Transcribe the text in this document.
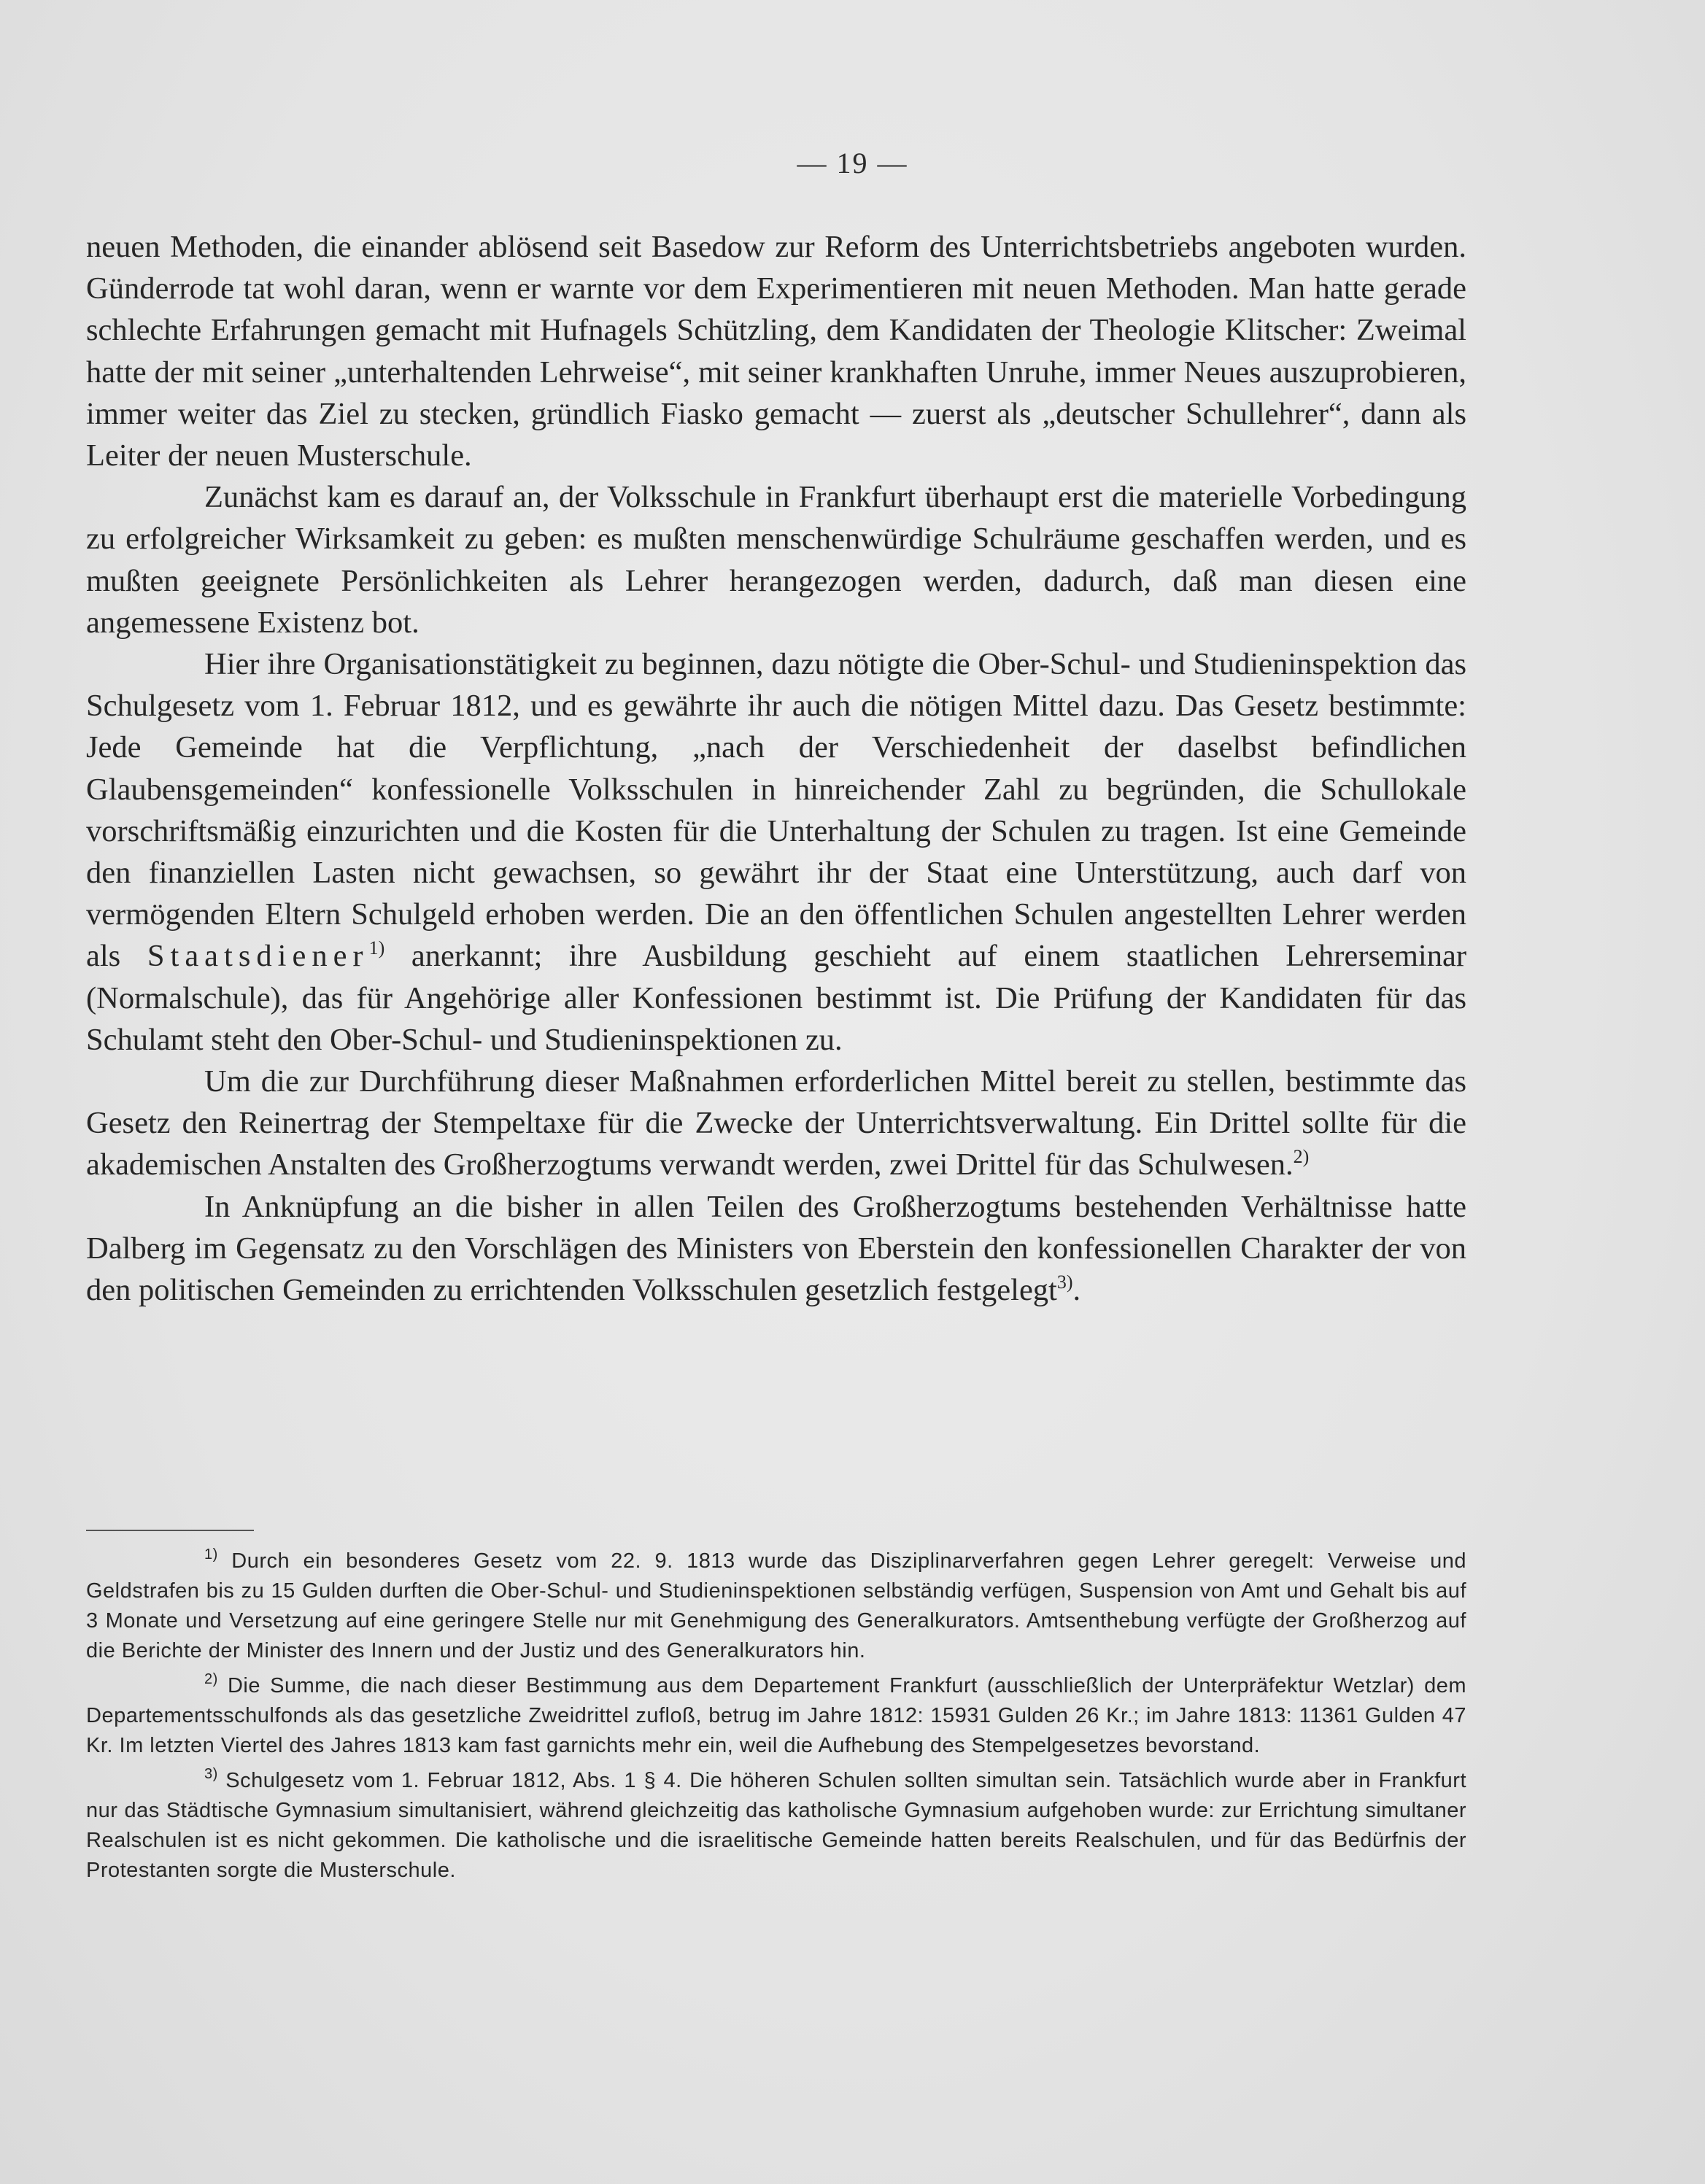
— 19 —

neuen Methoden, die einander ablösend seit Basedow zur Reform des Unterrichtsbetriebs angeboten wurden. Günderrode tat wohl daran, wenn er warnte vor dem Experimentieren mit neuen Methoden. Man hatte gerade schlechte Erfahrungen gemacht mit Hufnagels Schützling, dem Kandidaten der Theologie Klitscher: Zweimal hatte der mit seiner „unterhaltenden Lehrweise“, mit seiner krankhaften Unruhe, immer Neues auszuprobieren, immer weiter das Ziel zu stecken, gründlich Fiasko gemacht — zuerst als „deutscher Schullehrer“, dann als Leiter der neuen Musterschule.

Zunächst kam es darauf an, der Volksschule in Frankfurt überhaupt erst die materielle Vorbedingung zu erfolgreicher Wirksamkeit zu geben: es mußten menschenwürdige Schulräume geschaffen werden, und es mußten geeignete Persönlichkeiten als Lehrer herangezogen werden, dadurch, daß man diesen eine angemessene Existenz bot.

Hier ihre Organisationstätigkeit zu beginnen, dazu nötigte die Ober-Schul- und Studieninspektion das Schulgesetz vom 1. Februar 1812, und es gewährte ihr auch die nötigen Mittel dazu. Das Gesetz bestimmte: Jede Gemeinde hat die Verpflichtung, „nach der Verschiedenheit der daselbst befindlichen Glaubensgemeinden“ konfessionelle Volksschulen in hinreichender Zahl zu begründen, die Schullokale vorschriftsmäßig einzurichten und die Kosten für die Unterhaltung der Schulen zu tragen. Ist eine Gemeinde den finanziellen Lasten nicht gewachsen, so gewährt ihr der Staat eine Unterstützung, auch darf von vermögenden Eltern Schulgeld erhoben werden. Die an den öffentlichen Schulen angestellten Lehrer werden als Staatsdiener$^{1)}$ anerkannt; ihre Ausbildung geschieht auf einem staatlichen Lehrerseminar (Normalschule), das für Angehörige aller Konfessionen bestimmt ist. Die Prüfung der Kandidaten für das Schulamt steht den Ober-Schul- und Studieninspektionen zu.

Um die zur Durchführung dieser Maßnahmen erforderlichen Mittel bereit zu stellen, bestimmte das Gesetz den Reinertrag der Stempeltaxe für die Zwecke der Unterrichtsverwaltung. Ein Drittel sollte für die akademischen Anstalten des Großherzogtums verwandt werden, zwei Drittel für das Schulwesen.$^{2)}$

In Anknüpfung an die bisher in allen Teilen des Großherzogtums bestehenden Verhältnisse hatte Dalberg im Gegensatz zu den Vorschlägen des Ministers von Eberstein den konfessionellen Charakter der von den politischen Gemeinden zu errichtenden Volksschulen gesetzlich festgelegt$^{3)}$.

$^{1)}$ Durch ein besonderes Gesetz vom 22. 9. 1813 wurde das Disziplinarverfahren gegen Lehrer geregelt: Verweise und Geldstrafen bis zu 15 Gulden durften die Ober-Schul- und Studieninspektionen selbständig verfügen, Suspension von Amt und Gehalt bis auf 3 Monate und Versetzung auf eine geringere Stelle nur mit Genehmigung des Generalkurators. Amtsenthebung verfügte der Großherzog auf die Berichte der Minister des Innern und der Justiz und des Generalkurators hin.

$^{2)}$ Die Summe, die nach dieser Bestimmung aus dem Departement Frankfurt (ausschließlich der Unterpräfektur Wetzlar) dem Departementsschulfonds als das gesetzliche Zweidrittel zufloß, betrug im Jahre 1812: 15931 Gulden 26 Kr.; im Jahre 1813: 11361 Gulden 47 Kr. Im letzten Viertel des Jahres 1813 kam fast garnichts mehr ein, weil die Aufhebung des Stempelgesetzes bevorstand.

$^{3)}$ Schulgesetz vom 1. Februar 1812, Abs. 1 § 4. Die höheren Schulen sollten simultan sein. Tatsächlich wurde aber in Frankfurt nur das Städtische Gymnasium simultanisiert, während gleichzeitig das katholische Gymnasium aufgehoben wurde: zur Errichtung simultaner Realschulen ist es nicht gekommen. Die katholische und die israelitische Gemeinde hatten bereits Realschulen, und für das Bedürfnis der Protestanten sorgte die Musterschule.
